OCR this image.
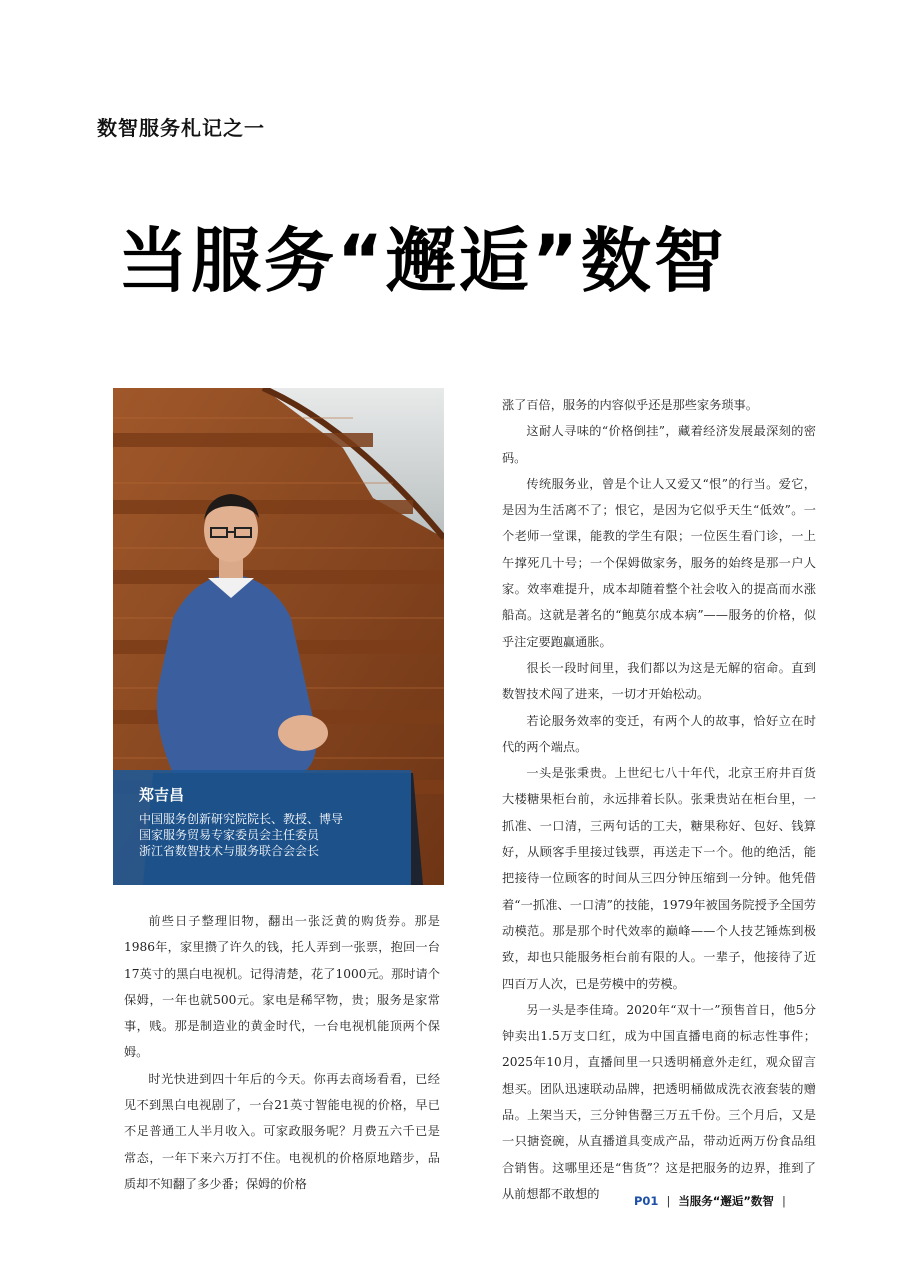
数智服务札记之一
当服务“邂逅”数智
郑吉昌
中国服务创新研究院院长、教授、博导
国家服务贸易专家委员会主任委员
浙江省数智技术与服务联合会会长

前些日子整理旧物，翻出一张泛黄的购货券。那是1986年，家里攒了许久的钱，托人弄到一张票，抱回一台17英寸的黑白电视机。记得清楚，花了1000元。那时请个保姆，一年也就500元。家电是稀罕物，贵；服务是家常事，贱。那是制造业的黄金时代，一台电视机能顶两个保姆。

时光快进到四十年后的今天。你再去商场看看，已经见不到黑白电视剧了，一台21英寸智能电视的价格，早已不足普通工人半月收入。可家政服务呢？月费五六千已是常态，一年下来六万打不住。电视机的价格原地踏步，品质却不知翻了多少番；保姆的价格

涨了百倍，服务的内容似乎还是那些家务琐事。

这耐人寻味的“价格倒挂”，藏着经济发展最深刻的密码。

传统服务业，曾是个让人又爱又“恨”的行当。爱它，是因为生活离不了；恨它，是因为它似乎天生“低效”。一个老师一堂课，能教的学生有限；一位医生看门诊，一上午撑死几十号；一个保姆做家务，服务的始终是那一户人家。效率难提升，成本却随着整个社会收入的提高而水涨船高。这就是著名的“鲍莫尔成本病”——服务的价格，似乎注定要跑赢通胀。

很长一段时间里，我们都以为这是无解的宿命。直到数智技术闯了进来，一切才开始松动。

若论服务效率的变迁，有两个人的故事，恰好立在时代的两个端点。

一头是张秉贵。上世纪七八十年代，北京王府井百货大楼糖果柜台前，永远排着长队。张秉贵站在柜台里，一抓准、一口清，三两句话的工夫，糖果称好、包好、钱算好，从顾客手里接过钱票，再送走下一个。他的绝活，能把接待一位顾客的时间从三四分钟压缩到一分钟。他凭借着“一抓准、一口清”的技能，1979年被国务院授予全国劳动模范。那是那个时代效率的巅峰——个人技艺锤炼到极致，却也只能服务柜台前有限的人。一辈子，他接待了近四百万人次，已是劳模中的劳模。

另一头是李佳琦。2020年“双十一”预售首日，他5分钟卖出1.5万支口红，成为中国直播电商的标志性事件；2025年10月，直播间里一只透明桶意外走红，观众留言想买。团队迅速联动品牌，把透明桶做成洗衣液套装的赠品。上架当天，三分钟售罄三万五千份。三个月后，又是一只搪瓷碗，从直播道具变成产品，带动近两万份食品组合销售。这哪里还是“售货”？这是把服务的边界，推到了从前想都不敢想的

P01 | 当服务“邂逅”数智 |
